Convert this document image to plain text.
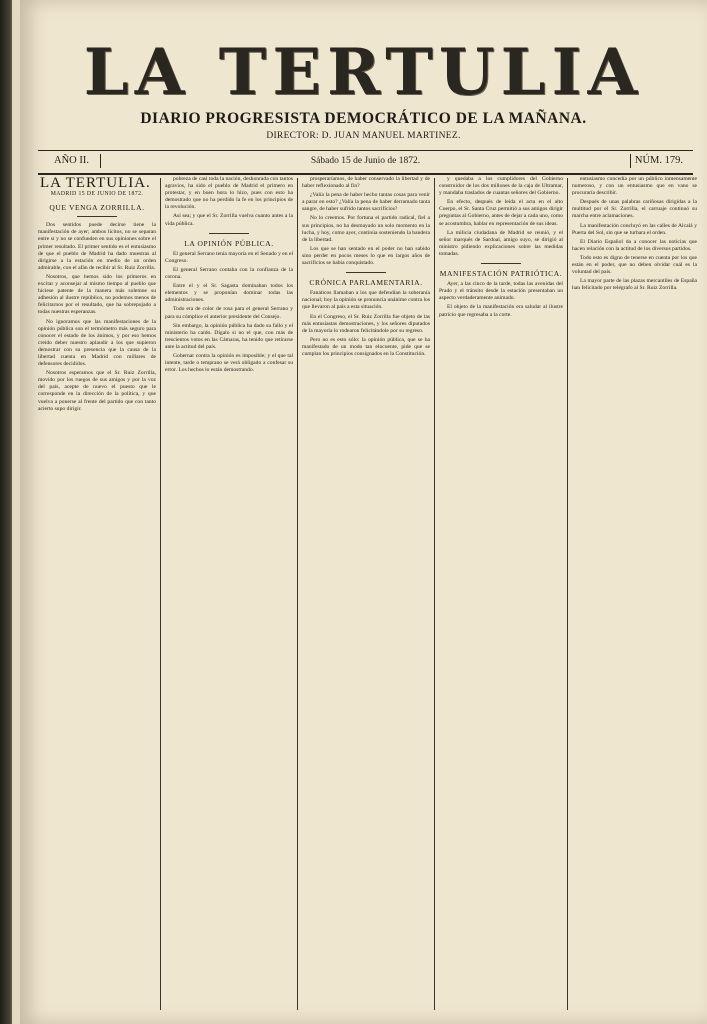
LA TERTULIA
DIARIO PROGRESISTA DEMOCRÁTICO DE LA MAÑANA.
DIRECTOR: D. JUAN MANUEL MARTINEZ.
AÑO II.	Sábado 15 de Junio de 1872.	NÚM. 179.
LA TERTULIA.
MADRID 15 DE JUNIO DE 1872.
QUE VENGA ZORRILLA.

Dos sentidos puede decirse tiene la manifestación de ayer; ambos lícitos, no se separan entre sí y no se confunden en sus opiniones sobre el primer resultado. El primer sentido es el entusiasmo de que el pueblo de Madrid ha dado muestras al dirigirse a la estación en medio de un orden admirable, con el afán de recibir al Sr. Ruiz Zorrilla.

Nosotros, que hemos sido los primeros en excitar y aconsejar al mismo tiempo al pueblo que hiciese patente de la manera más solemne su adhesión al ilustre repúblico, no podemos menos de felicitarnos por el resultado, que ha sobrepujado a todas nuestras esperanzas.

No ignoramos que las manifestaciones de la opinión pública son el termómetro más seguro para conocer el estado de los ánimos, y por eso hemos creído deber nuestro aplaudir a los que supieron demostrar con su presencia que la causa de la libertad cuenta en Madrid con millares de defensores decididos.

Nosotros esperamos que el Sr. Ruiz Zorrilla, movido por los ruegos de sus amigos y por la voz del país, acepte de nuevo el puesto que le corresponde en la dirección de la política, y que vuelva a ponerse al frente del partido que con tanto acierto supo dirigir.

pobreza de casi toda la nación, deshonrada con tantos agravios, ha sido el pueblo de Madrid el primero en protestar, y en buen hora lo hizo, pues con esto ha demostrado que no ha perdido la fe en los principios de la revolución.

Así sea; y que el Sr. Zorrilla vuelva cuanto antes a la vida pública.

LA OPINIÓN PÚBLICA.

El general Serrano tenía mayoría en el Senado y en el Congreso.

El general Serrano contaba con la confianza de la corona.

Entre el y el Sr. Sagasta dominaban todos los elementos y se proponían dominar todas las administraciones.

Todo era de color de rosa para el general Serrano y para su cómplice el anterior presidente del Consejo.

Sin embargo, la opinión pública ha dado su fallo y el ministerio ha caído. Dígalo si no el que, con más de trescientos votos en las Cámaras, ha tenido que retirarse ante la actitud del país.

Gobernar contra la opinión es imposible; y el que tal intente, tarde o temprano se verá obligado a confesar su error. Los hechos lo están demostrando.

prosperaríamos, de haber conservado la libertad y de haber reflexionado al fin?

¿Valía la pena de haber hecho tantas cosas para venir a parar en esto? ¿Valía la pena de haber derramado tanta sangre, de haber sufrido tantos sacrificios?

No lo creemos. Por fortuna el partido radical, fiel a sus principios, no ha desmayado un solo momento en la lucha, y hoy, como ayer, continúa sosteniendo la bandera de la libertad.

Los que se han sentado en el poder no han sabido sino perder en pocos meses lo que en largos años de sacrificios se había conquistado.

CRÓNICA PARLAMENTARIA.

Fanáticos llamaban a los que defendían la soberanía nacional; hoy la opinión se pronuncia unánime contra los que llevaron al país a esta situación.

En el Congreso, el Sr. Ruiz Zorrilla fue objeto de las más entusiastas demostraciones, y los señores diputados de la mayoría lo rodearon felicitándole por su regreso.

Pero no es esto sólo: la opinión pública, que se ha manifestado de un modo tan elocuente, pide que se cumplan los principios consignados en la Constitución.

y quedaba a los cumplidores del Gobierno construidor de los dos millones de la caja de Ultramar, y mandaba traslados de cuantas señores del Gobierno.

En efecto, después de leída el acta en el alto Cuerpo, el Sr. Santa Cruz permitió a sus amigos dirigir preguntas al Gobierno, antes de dejar a cada uno, como se acostumbra, hablar en representación de sus ideas.

La milicia ciudadana de Madrid se reunió, y el señor marqués de Sardoal, amigo suyo, se dirigió al ministro pidiendo explicaciones sobre las medidas tomadas.

MANIFESTACIÓN PATRIÓTICA.

Ayer, a las cinco de la tarde, todas las avenidas del Prado y el tránsito desde la estación presentaban un aspecto verdaderamente animado.

El objeto de la manifestación era saludar al ilustre patricio que regresaba a la corte.

entusiasmo concedía por un público inmensamente numeroso, y con un entusiasmo que en vano se procuraría describir.

Después de unas palabras cariñosas dirigidas a la multitud por el Sr. Zorrilla, el carruaje continuó su marcha entre aclamaciones.

La manifestación concluyó en las calles de Alcalá y Puerta del Sol, sin que se turbara el orden.

El Diario Español da a conocer las noticias que hacen relación con la actitud de los diversos partidos.

Todo esto es digno de tenerse en cuenta por los que están en el poder, que no deben olvidar cuál es la voluntad del país.

La mayor parte de las plazas mercantiles de España han felicitado por telégrafo al Sr. Ruiz Zorrilla.
